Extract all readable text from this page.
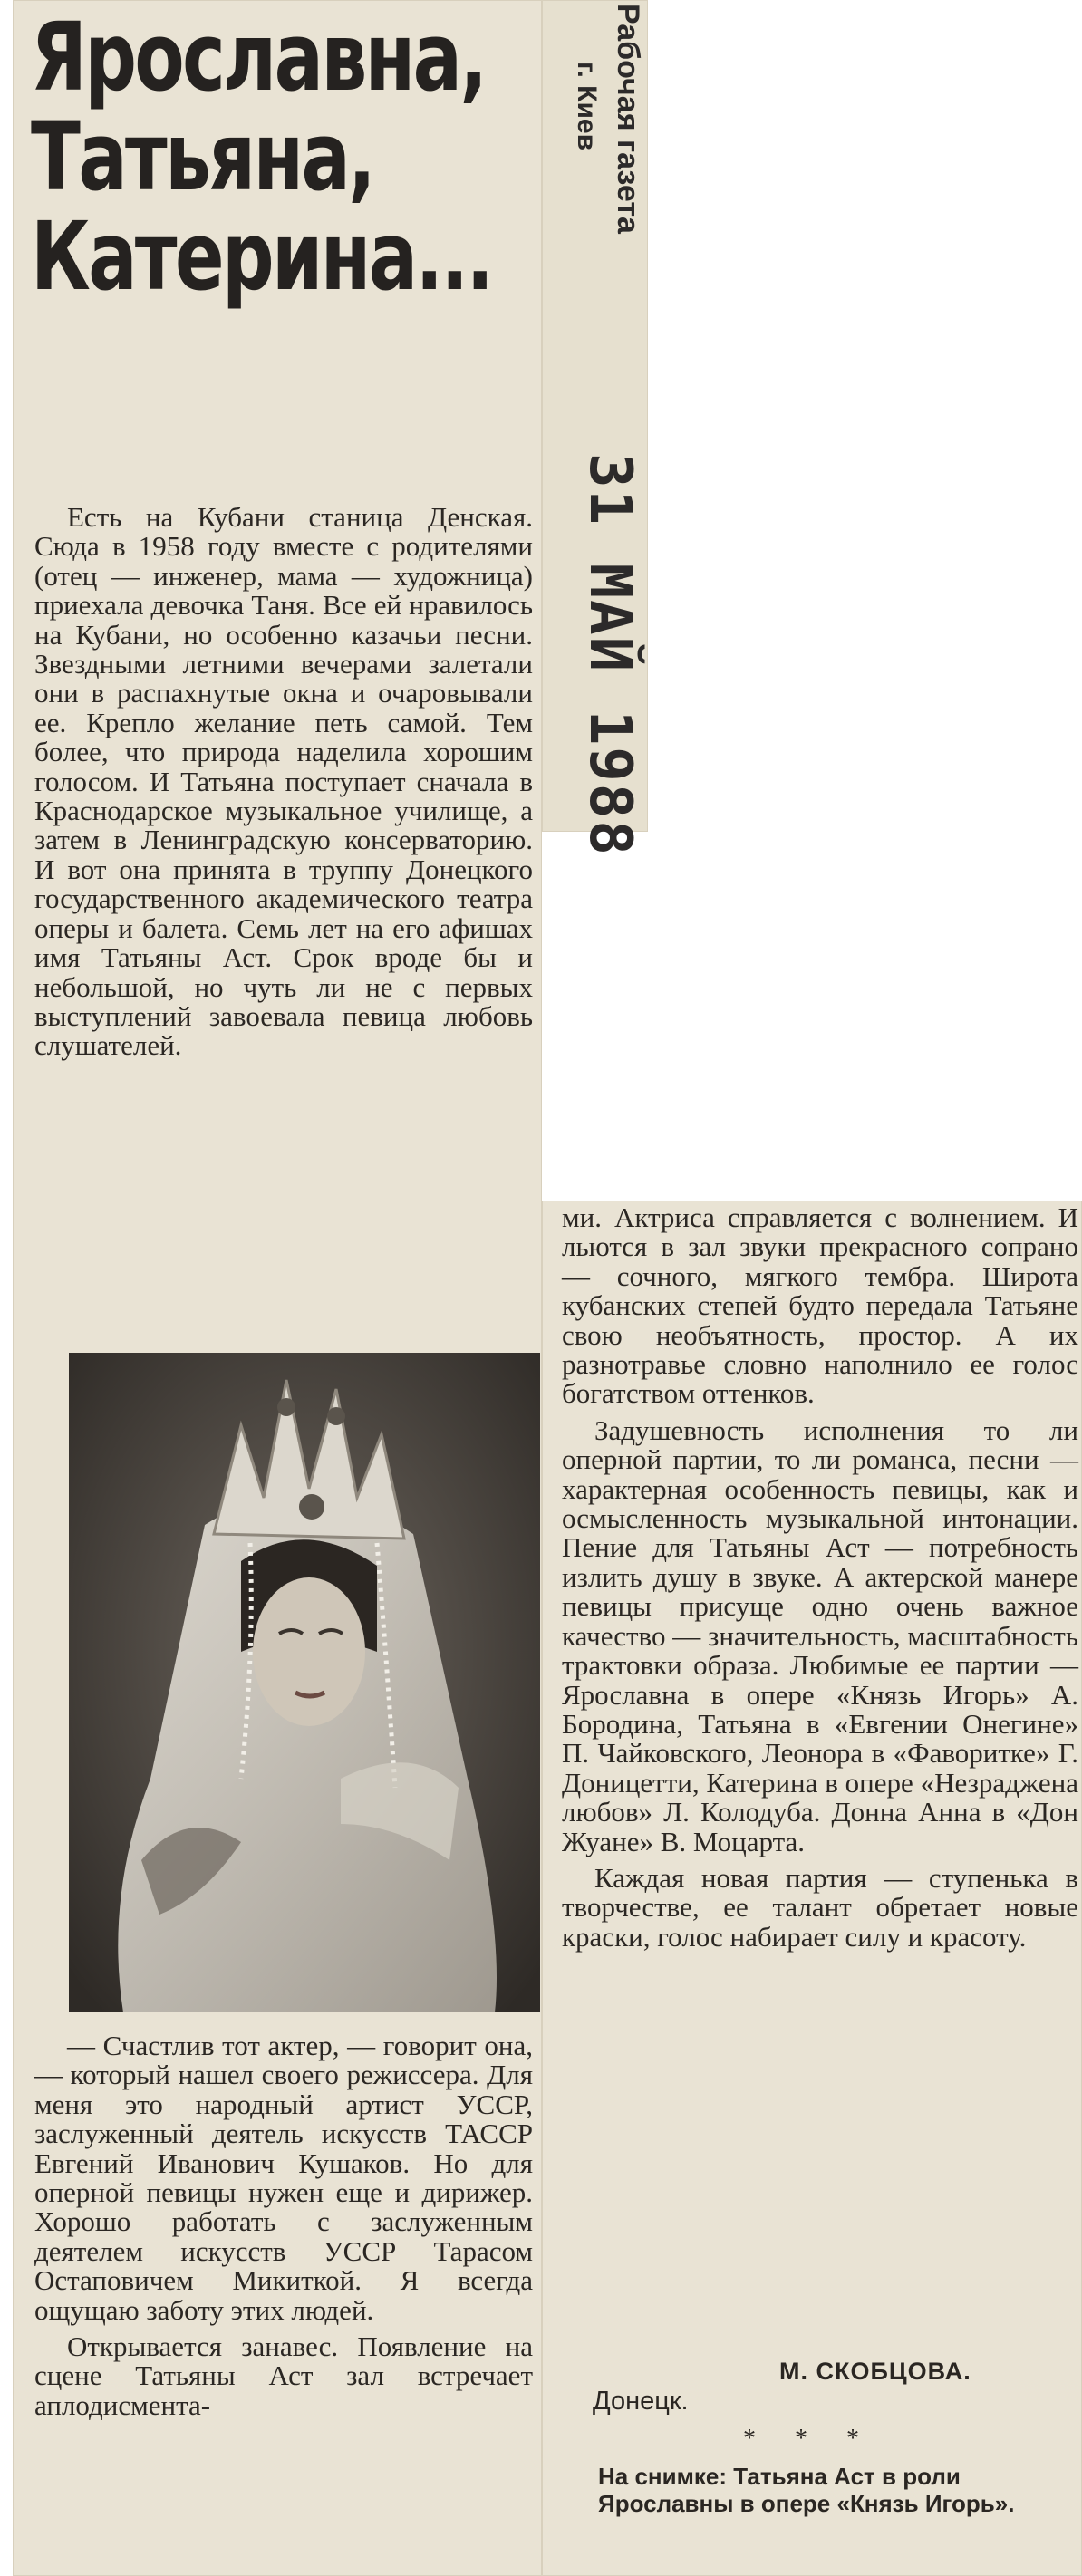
Ярославна,
Татьяна,
Катерина...
Рабочая газета
г. Киев
31 МАЙ 1988

Есть на Кубани станица Денская. Сюда в 1958 году вместе с родителями (отец — инженер, мама — художница) приехала девочка Таня. Все ей нравилось на Кубани, но особенно казачьи песни. Звездными летними вечерами залетали они в распахнутые окна и очаровывали ее. Крепло желание петь самой. Тем более, что природа наделила хорошим голосом. И Татьяна поступает сначала в Краснодарское музыкальное училище, а затем в Ленинградскую консерваторию. И вот она принята в труппу Донецкого государственного академического театра оперы и балета. Семь лет на его афишах имя Татьяны Аст. Срок вроде бы и небольшой, но чуть ли не с первых выступлений завоевала певица любовь слушателей.

— Счастлив тот актер, — говорит она, — который нашел своего режиссера. Для меня это народный артист УССР, заслуженный деятель искусств ТАССР Евгений Иванович Кушаков. Но для оперной певицы нужен еще и дирижер. Хорошо работать с заслуженным деятелем искусств УССР Тарасом Остаповичем Микиткой. Я всегда ощущаю заботу этих людей.

Открывается занавес. Появление на сцене Татьяны Аст зал встречает аплодисмента-

ми. Актриса справляется с волнением. И льются в зал звуки прекрасного сопрано — сочного, мягкого тембра. Широта кубанских степей будто передала Татьяне свою необъятность, простор. А их разнотравье словно наполнило ее голос богатством оттенков.

Задушевность исполнения то ли оперной партии, то ли романса, песни — характерная особенность певицы, как и осмысленность музыкальной интонации. Пение для Татьяны Аст — потребность излить душу в звуке. А актерской манере певицы присуще одно очень важное качество — значительность, масштабность трактовки образа. Любимые ее партии — Ярославна в опере «Князь Игорь» А. Бородина, Татьяна в «Евгении Онегине» П. Чайковского, Леонора в «Фаворитке» Г. Доницетти, Катерина в опере «Незраджена любов» Л. Колодуба. Донна Анна в «Дон Жуане» В. Моцарта.

Каждая новая партия — ступенька в творчестве, ее талант обретает новые краски, голос набирает силу и красоту.

М. СКОБЦОВА.
Донецк.
* * *
На снимке: Татьяна Аст в роли Ярославны в опере «Князь Игорь».
